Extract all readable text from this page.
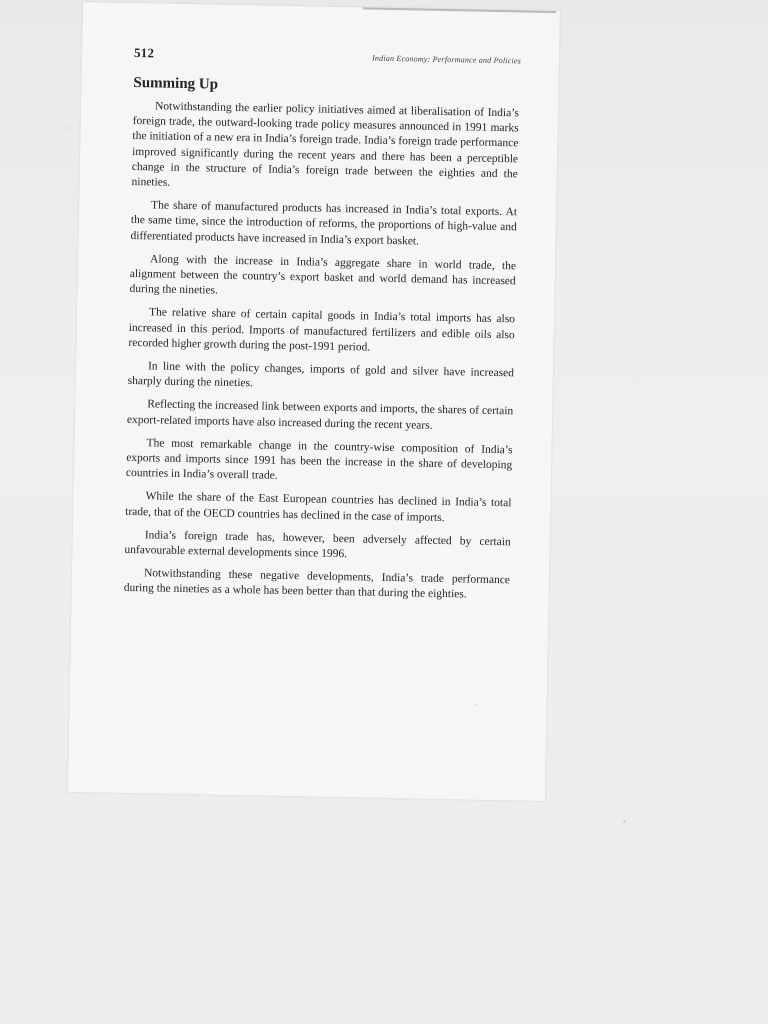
512	Indian Economy: Performance and Policies
Summing Up

Notwithstanding the earlier policy initiatives aimed at liberalisation of India’s foreign trade, the outward-looking trade policy measures announced in 1991 marks the initiation of a new era in India’s foreign trade. India’s foreign trade performance improved significantly during the recent years and there has been a perceptible change in the structure of India’s foreign trade between the eighties and the nineties.

The share of manufactured products has increased in India’s total exports. At the same time, since the introduction of reforms, the proportions of high-value and differentiated products have increased in India’s export basket.

Along with the increase in India’s aggregate share in world trade, the alignment between the country’s export basket and world demand has increased during the nineties.

The relative share of certain capital goods in India’s total imports has also increased in this period. Imports of manufactured fertilizers and edible oils also recorded higher growth during the post-1991 period.

In line with the policy changes, imports of gold and silver have increased sharply during the nineties.

Reflecting the increased link between exports and imports, the shares of certain export-related imports have also increased during the recent years.

The most remarkable change in the country-wise composition of India’s exports and imports since 1991 has been the increase in the share of developing countries in India’s overall trade.

While the share of the East European countries has declined in India’s total trade, that of the OECD countries has declined in the case of imports.

India’s foreign trade has, however, been adversely affected by certain unfavourable external developments since 1996.

Notwithstanding these negative developments, India’s trade performance during the nineties as a whole has been better than that during the eighties.
